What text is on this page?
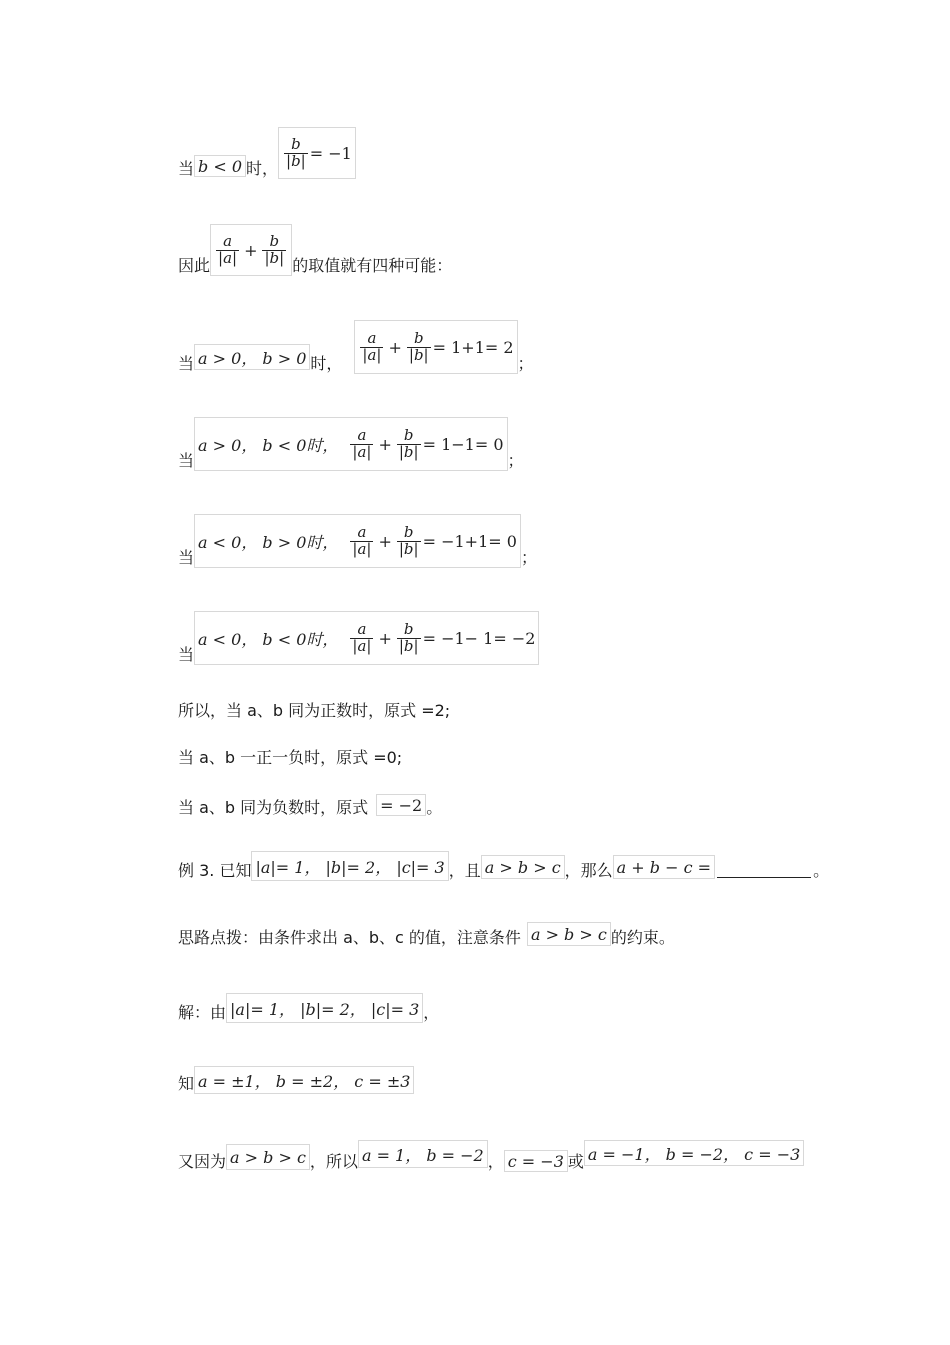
当 b < 0 时， $\frac{b}{|b|} = -1$
因此 $\frac{a}{|a|} + \frac{b}{|b|}$ 的取值就有四种可能：
当 a > 0， b > 0 时，
$\frac{a}{|a|} + \frac{b}{|b|} = 1+1= 2$
；
当
a > 0， b < 0时， $\frac{a}{|a|} + \frac{b}{|b|} = 1-1= 0$
；
当
a < 0， b > 0时， $\frac{a}{|a|} + \frac{b}{|b|} = -1+1= 0$
；
当
a < 0， b < 0时， $\frac{a}{|a|} + \frac{b}{|b|} = -1- 1= -2$
所以，当 a、b 同为正数时，原式 =2;
当 a、b 一正一负时，原式 =0;
当 a、b 同为负数时，原式 = −2 。
例 3. 已知 |a|= 1， |b|= 2， |c|= 3 ，且 a > b > c ，那么 a + b − c =	。
思路点拨：由条件求出 a、b、c 的值，注意条件 a > b > c 的约束。
解：由 |a|= 1， |b|= 2， |c|= 3 ，
知 a = ±1， b = ±2， c = ±3
又因为 a > b > c ，所以 a = 1， b = −2 ， c = −3 或 a = −1， b = −2， c = −3
